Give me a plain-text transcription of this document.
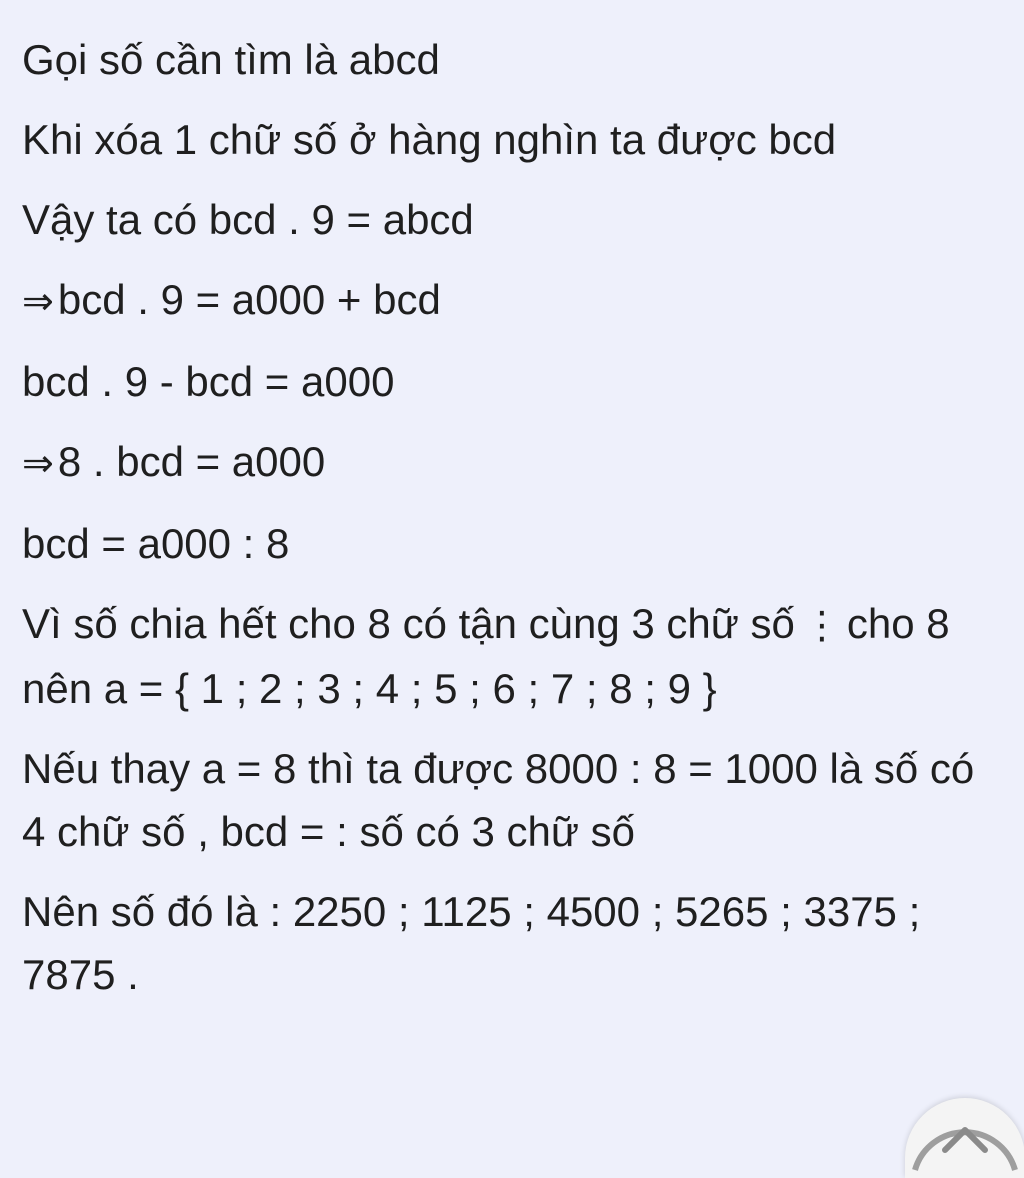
Gọi số cần tìm là abcd

Khi xóa 1 chữ số ở hàng nghìn ta được bcd

Vậy ta có bcd . 9 = abcd

⇒bcd . 9 = a000 + bcd

bcd . 9 - bcd = a000

⇒8 . bcd = a000

bcd = a000 : 8

Vì số chia hết cho 8 có tận cùng 3 chữ số ⋮ cho 8 nên a = { 1 ; 2 ; 3 ; 4 ; 5 ; 6 ; 7 ; 8 ; 9 }

Nếu thay a = 8 thì ta được 8000 : 8 = 1000 là số có 4 chữ số , bcd = : số có 3 chữ số

Nên số đó là : 2250 ; 1125 ; 4500 ; 5265 ; 3375 ; 7875 .
